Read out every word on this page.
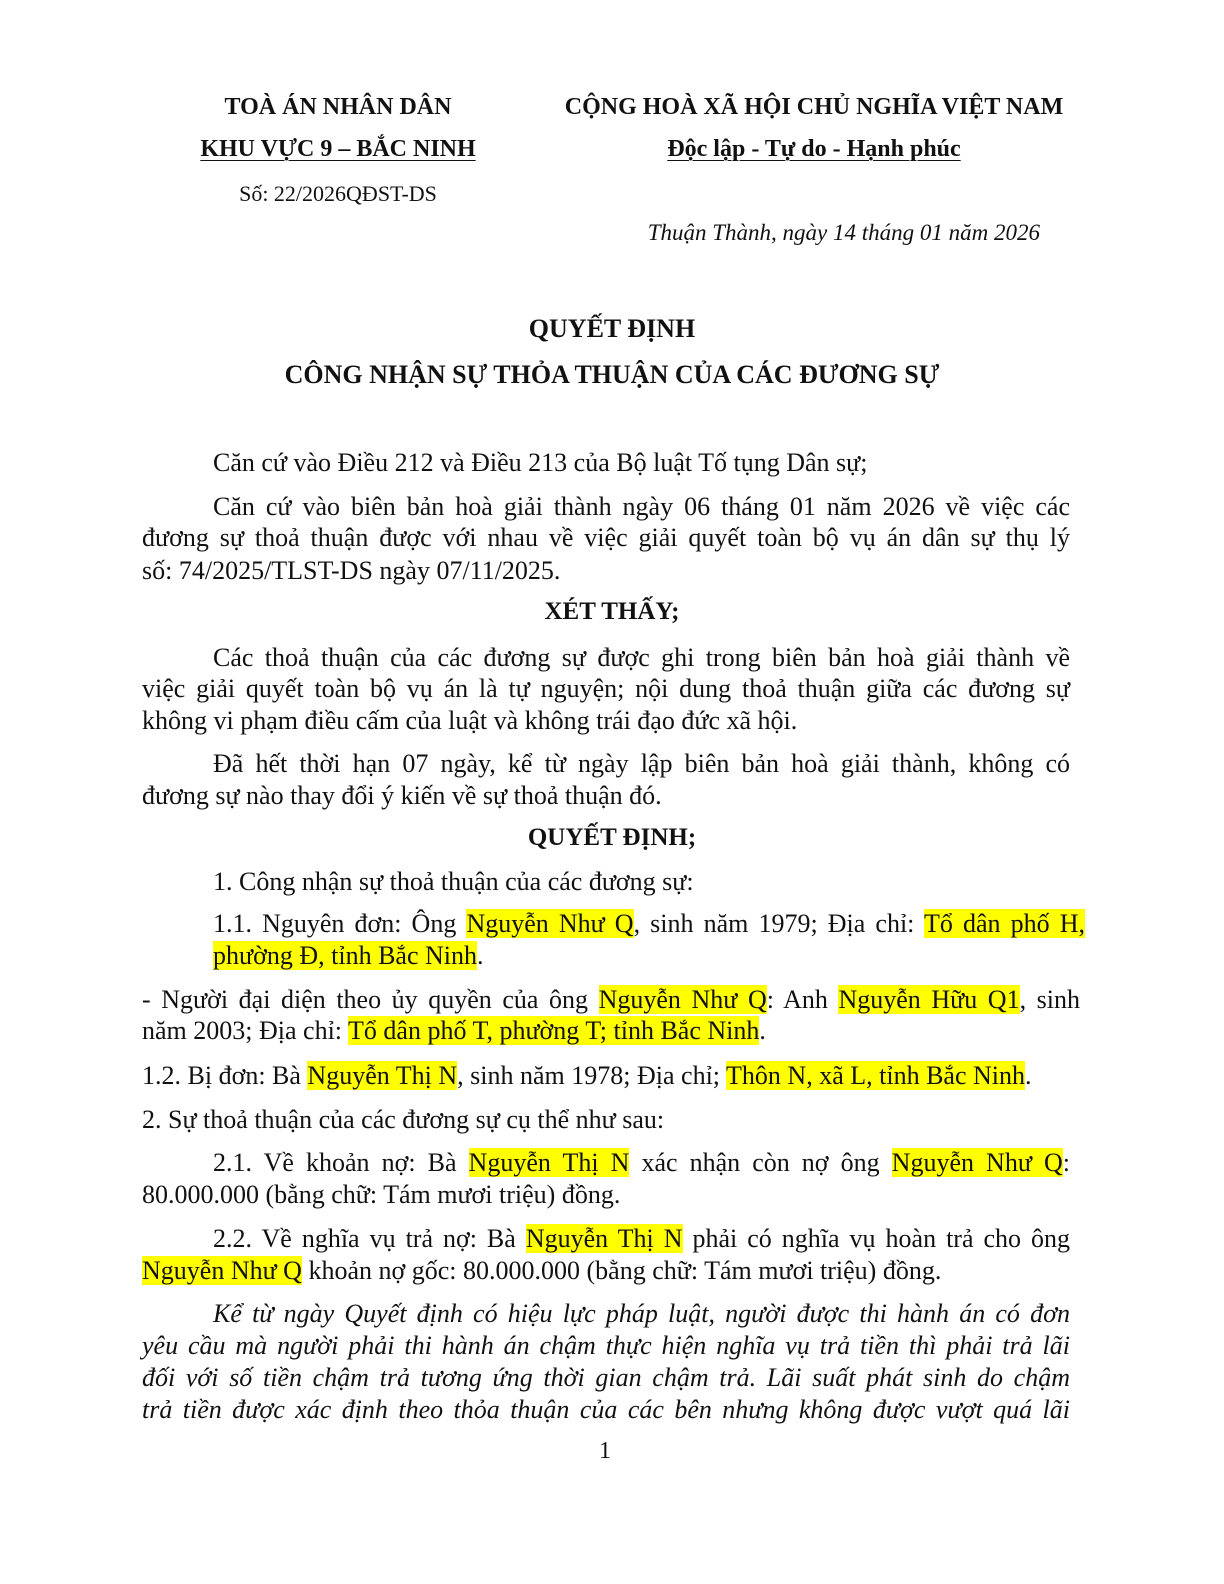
TOÀ ÁN NHÂN DÂN
KHU VỰC 9 – BẮC NINH
Số: 22/2026QĐST-DS
CỘNG HOÀ XÃ HỘI CHỦ NGHĨA VIỆT NAM
Độc lập - Tự do - Hạnh phúc
Thuận Thành, ngày 14 tháng 01 năm 2026
QUYẾT ĐỊNH
CÔNG NHẬN SỰ THỎA THUẬN CỦA CÁC ĐƯƠNG SỰ
Căn cứ vào Điều 212 và Điều 213 của Bộ luật Tố tụng Dân sự;
Căn cứ vào biên bản hoà giải thành ngày 06 tháng 01 năm 2026 về việc các
đương sự thoả thuận được với nhau về việc giải quyết toàn bộ vụ án dân sự thụ lý
số: 74/2025/TLST-DS ngày 07/11/2025.
XÉT THẤY;
Các thoả thuận của các đương sự được ghi trong biên bản hoà giải thành về
việc giải quyết toàn bộ vụ án là tự nguyện; nội dung thoả thuận giữa các đương sự
không vi phạm điều cấm của luật và không trái đạo đức xã hội.
Đã hết thời hạn 07 ngày, kể từ ngày lập biên bản hoà giải thành, không có
đương sự nào thay đổi ý kiến về sự thoả thuận đó.
QUYẾT ĐỊNH;
1. Công nhận sự thoả thuận của các đương sự:
1.1. Nguyên đơn: Ông Nguyễn Như Q, sinh năm 1979; Địa chỉ: Tổ dân phố H,
phường Đ, tỉnh Bắc Ninh.
- Người đại diện theo ủy quyền của ông Nguyễn Như Q: Anh Nguyễn Hữu Q1, sinh
năm 2003; Địa chỉ: Tổ dân phố T, phường T; tỉnh Bắc Ninh.
1.2. Bị đơn: Bà Nguyễn Thị N, sinh năm 1978; Địa chỉ; Thôn N, xã L, tỉnh Bắc Ninh.
2. Sự thoả thuận của các đương sự cụ thể như sau:
2.1. Về khoản nợ: Bà Nguyễn Thị N xác nhận còn nợ ông Nguyễn Như Q:
80.000.000 (bằng chữ: Tám mươi triệu) đồng.
2.2. Về nghĩa vụ trả nợ: Bà Nguyễn Thị N phải có nghĩa vụ hoàn trả cho ông
Nguyễn Như Q khoản nợ gốc: 80.000.000 (bằng chữ: Tám mươi triệu) đồng.
Kể từ ngày Quyết định có hiệu lực pháp luật, người được thi hành án có đơn
yêu cầu mà người phải thi hành án chậm thực hiện nghĩa vụ trả tiền thì phải trả lãi
đối với số tiền chậm trả tương ứng thời gian chậm trả. Lãi suất phát sinh do chậm
trả tiền được xác định theo thỏa thuận của các bên nhưng không được vượt quá lãi
1
